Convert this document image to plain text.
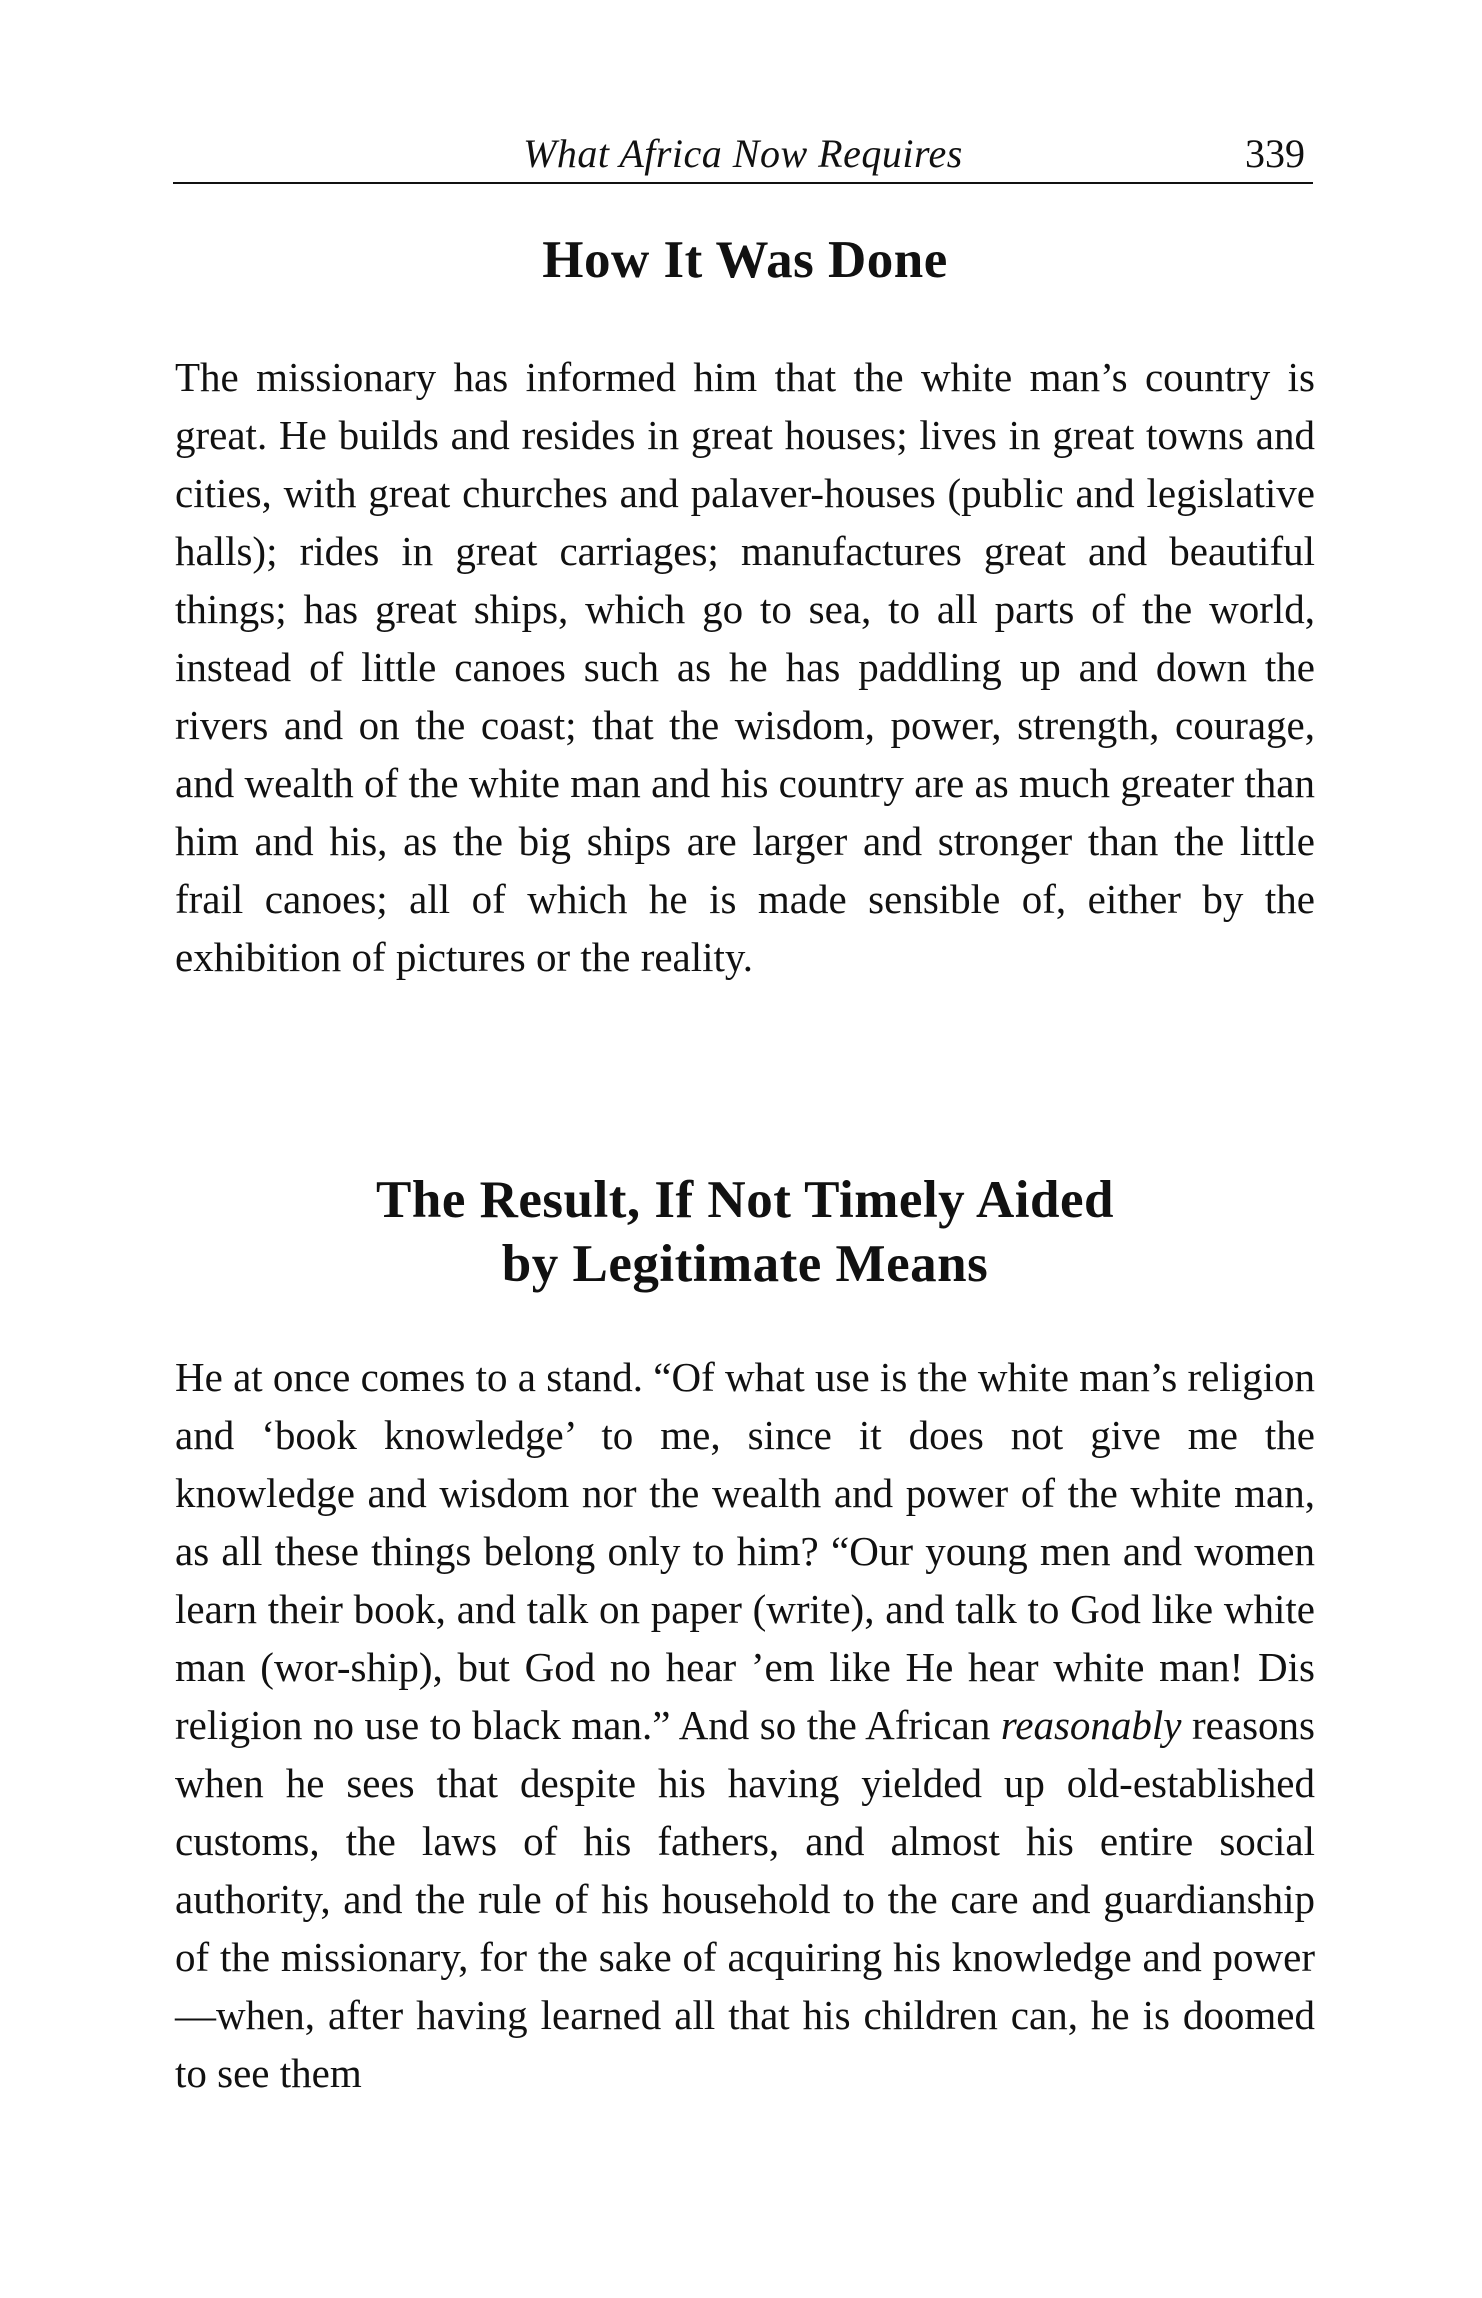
What Africa Now Requires	339
How It Was Done

The missionary has informed him that the white man’s country is great. He builds and resides in great houses; lives in great towns and cities, with great churches and palaver-houses (public and legislative halls); rides in great carriages; manufactures great and beautiful things; has great ships, which go to sea, to all parts of the world, instead of little canoes such as he has paddling up and down the rivers and on the coast; that the wisdom, power, strength, courage, and wealth of the white man and his country are as much greater than him and his, as the big ships are larger and stronger than the little frail canoes; all of which he is made sensible of, either by the exhibition of pictures or the reality.

The Result, If Not Timely Aided
by Legitimate Means

He at once comes to a stand. “Of what use is the white man’s religion and ‘book knowledge’ to me, since it does not give me the knowledge and wisdom nor the wealth and power of the white man, as all these things belong only to him? “Our young men and women learn their book, and talk on paper (write), and talk to God like white man (wor-ship), but God no hear ’em like He hear white man! Dis religion no use to black man.” And so the African reasonably reasons when he sees that despite his having yielded up old-established customs, the laws of his fathers, and almost his entire social authority, and the rule of his household to the care and guardianship of the missionary, for the sake of acquiring his knowledge and power—when, after having learned all that his children can, he is doomed to see them
